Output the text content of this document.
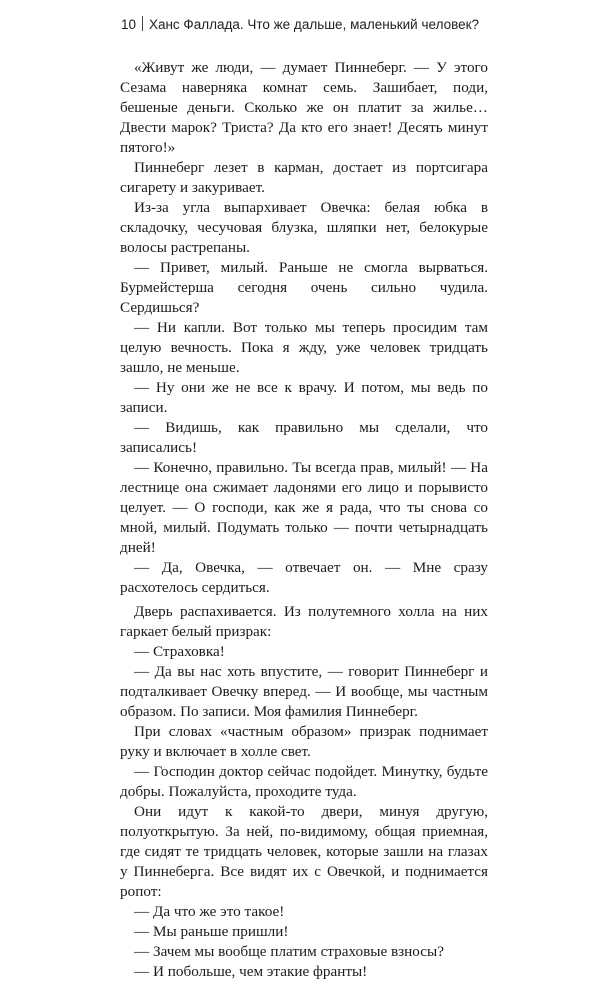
10 Ханс Фаллада. Что же дальше, маленький человек?

«Живут же люди, — думает Пиннеберг. — У этого Сезама наверняка комнат семь. Зашибает, поди, бешеные деньги. Сколько же он платит за жилье… Двести марок? Триста? Да кто его знает! Десять минут пятого!»

Пиннеберг лезет в карман, достает из портсигара сигарету и закуривает.

Из-за угла выпархивает Овечка: белая юбка в складочку, чесучовая блузка, шляпки нет, белокурые волосы растрепаны.

— Привет, милый. Раньше не смогла вырваться. Бурмейстерша сегодня очень сильно чудила. Сердишься?

— Ни капли. Вот только мы теперь просидим там целую вечность. Пока я жду, уже человек тридцать зашло, не меньше.

— Ну они же не все к врачу. И потом, мы ведь по записи.

— Видишь, как правильно мы сделали, что записались!

— Конечно, правильно. Ты всегда прав, милый! — На лестнице она сжимает ладонями его лицо и порывисто целует. — О господи, как же я рада, что ты снова со мной, милый. Подумать только — почти четырнадцать дней!

— Да, Овечка, — отвечает он. — Мне сразу расхотелось сердиться.

Дверь распахивается. Из полутемного холла на них гаркает белый призрак:

— Страховка!

— Да вы нас хоть впустите, — говорит Пиннеберг и подталкивает Овечку вперед. — И вообще, мы частным образом. По записи. Моя фамилия Пиннеберг.

При словах «частным образом» призрак поднимает руку и включает в холле свет.

— Господин доктор сейчас подойдет. Минутку, будьте добры. Пожалуйста, проходите туда.

Они идут к какой-то двери, минуя другую, полуоткрытую. За ней, по-видимому, общая приемная, где сидят те тридцать человек, которые зашли на глазах у Пиннеберга. Все видят их с Овечкой, и поднимается ропот:

— Да что же это такое!

— Мы раньше пришли!

— Зачем мы вообще платим страховые взносы?

— И побольше, чем этакие франты!
